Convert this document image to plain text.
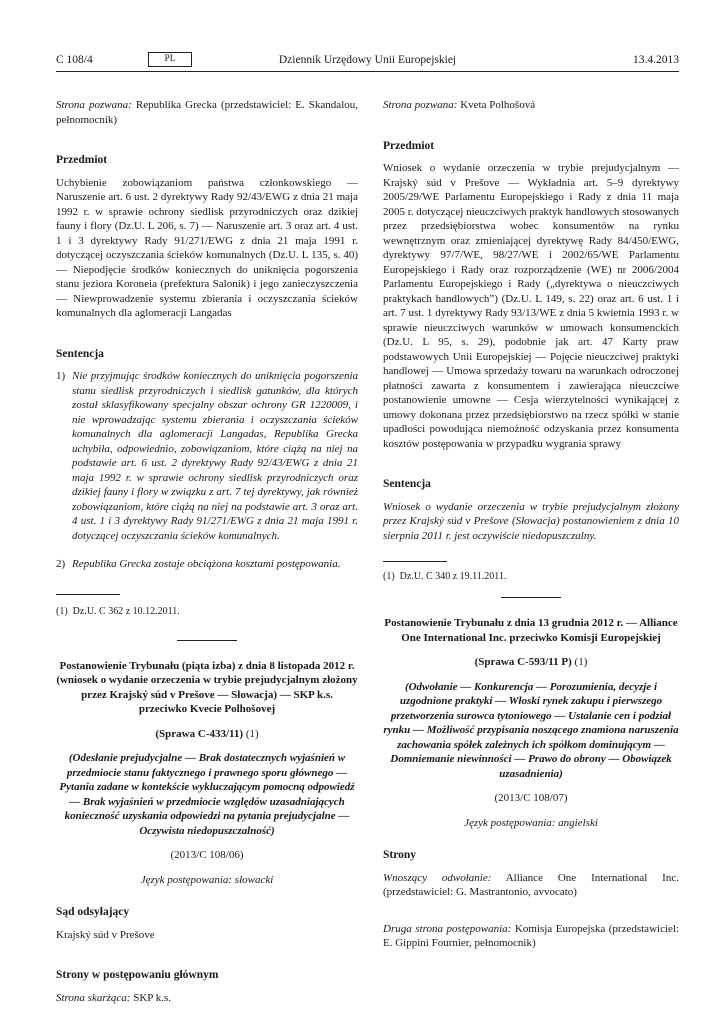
C 108/4	PL	Dziennik Urzędowy Unii Europejskiej	13.4.2013

Strona pozwana: Republika Grecka (przedstawiciel: E. Skandalou, pełnomocnik)

Przedmiot

Uchybienie zobowiązaniom państwa członkowskiego — Naruszenie art. 6 ust. 2 dyrektywy Rady 92/43/EWG z dnia 21 maja 1992 r. w sprawie ochrony siedlisk przyrodniczych oraz dzikiej fauny i flory (Dz.U. L 206, s. 7) — Naruszenie art. 3 oraz art. 4 ust. 1 i 3 dyrektywy Rady 91/271/EWG z dnia 21 maja 1991 r. dotyczącej oczyszczania ścieków komunalnych (Dz.U. L 135, s. 40) — Niepodjęcie środków koniecznych do uniknięcia pogorszenia stanu jeziora Koroneia (prefektura Salonik) i jego zanieczyszczenia — Niewprowadzenie systemu zbierania i oczyszczania ścieków komunalnych dla aglomeracji Langadas

Sentencja

1) Nie przyjmując środków koniecznych do uniknięcia pogorszenia stanu siedlisk przyrodniczych i siedlisk gatunków, dla których został sklasyfikowany specjalny obszar ochrony GR 1220009, i nie wprowadzając systemu zbierania i oczyszczania ścieków komunalnych dla aglomeracji Langadas, Republika Grecka uchybiła, odpowiednio, zobowiązaniom, które ciążą na niej na podstawie art. 6 ust. 2 dyrektywy Rady 92/43/EWG z dnia 21 maja 1992 r. w sprawie ochrony siedlisk przyrodniczych oraz dzikiej fauny i flory w związku z art. 7 tej dyrektywy, jak również zobowiązaniom, które ciążą na niej na podstawie art. 3 oraz art. 4 ust. 1 i 3 dyrektywy Rady 91/271/EWG z dnia 21 maja 1991 r. dotyczącej oczyszczania ścieków komunalnych.
2) Republika Grecka zostaje obciążona kosztami postępowania.

(1) Dz.U. C 362 z 10.12.2011.

Postanowienie Trybunału (piąta izba) z dnia 8 listopada 2012 r. (wniosek o wydanie orzeczenia w trybie prejudycjalnym złożony przez Krajský súd v Prešove — Słowacja) — SKP k.s. przeciwko Kvecie Polhošovej

(Sprawa C-433/11) (1)

(Odesłanie prejudycjalne — Brak dostatecznych wyjaśnień w przedmiocie stanu faktycznego i prawnego sporu głównego — Pytania zadane w kontekście wykluczającym pomocną odpowiedź — Brak wyjaśnień w przedmiocie względów uzasadniających konieczność uzyskania odpowiedzi na pytania prejudycjalne — Oczywista niedopuszczalność)

(2013/C 108/06)

Język postępowania: słowacki

Sąd odsyłający

Krajský súd v Prešove

Strony w postępowaniu głównym

Strona skarżąca: SKP k.s.

Strona pozwana: Kveta Polhošová

Przedmiot

Wniosek o wydanie orzeczenia w trybie prejudycjalnym — Krajský súd v Prešove — Wykładnia art. 5–9 dyrektywy 2005/29/WE Parlamentu Europejskiego i Rady z dnia 11 maja 2005 r. dotyczącej nieuczciwych praktyk handlowych stosowanych przez przedsiębiorstwa wobec konsumentów na rynku wewnętrznym oraz zmieniającej dyrektywę Rady 84/450/EWG, dyrektywy 97/7/WE, 98/27/WE i 2002/65/WE Parlamentu Europejskiego i Rady oraz rozporządzenie (WE) nr 2006/2004 Parlamentu Europejskiego i Rady („dyrektywa o nieuczciwych praktykach handlowych”) (Dz.U. L 149, s. 22) oraz art. 6 ust. 1 i art. 7 ust. 1 dyrektywy Rady 93/13/WE z dnia 5 kwietnia 1993 r. w sprawie nieuczciwych warunków w umowach konsumenckich (Dz.U. L 95, s. 29), podobnie jak art. 47 Karty praw podstawowych Unii Europejskiej — Pojęcie nieuczciwej praktyki handlowej — Umowa sprzedaży towaru na warunkach odroczonej płatności zawarta z konsumentem i zawierająca nieuczciwe postanowienie umowne — Cesja wierzytelności wynikającej z umowy dokonana przez przedsiębiorstwo na rzecz spółki w stanie upadłości powodująca niemożność odzyskania przez konsumenta kosztów postępowania w przypadku wygrania sprawy

Sentencja

Wniosek o wydanie orzeczenia w trybie prejudycjalnym złożony przez Krajský súd v Prešove (Słowacja) postanowieniem z dnia 10 sierpnia 2011 r. jest oczywiście niedopuszczalny.

(1) Dz.U. C 340 z 19.11.2011.

Postanowienie Trybunału z dnia 13 grudnia 2012 r. — Alliance One International Inc. przeciwko Komisji Europejskiej

(Sprawa C-593/11 P) (1)

(Odwołanie — Konkurencja — Porozumienia, decyzje i uzgodnione praktyki — Włoski rynek zakupu i pierwszego przetworzenia surowca tytoniowego — Ustalanie cen i podział rynku — Możliwość przypisania noszącego znamiona naruszenia zachowania spółek zależnych ich spółkom dominującym — Domniemanie niewinności — Prawo do obrony — Obowiązek uzasadnienia)

(2013/C 108/07)

Język postępowania: angielski

Strony

Wnoszący odwołanie: Alliance One International Inc. (przedstawiciel: G. Mastrantonio, avvocato)

Druga strona postępowania: Komisja Europejska (przedstawiciel: E. Gippini Fournier, pełnomocnik)
